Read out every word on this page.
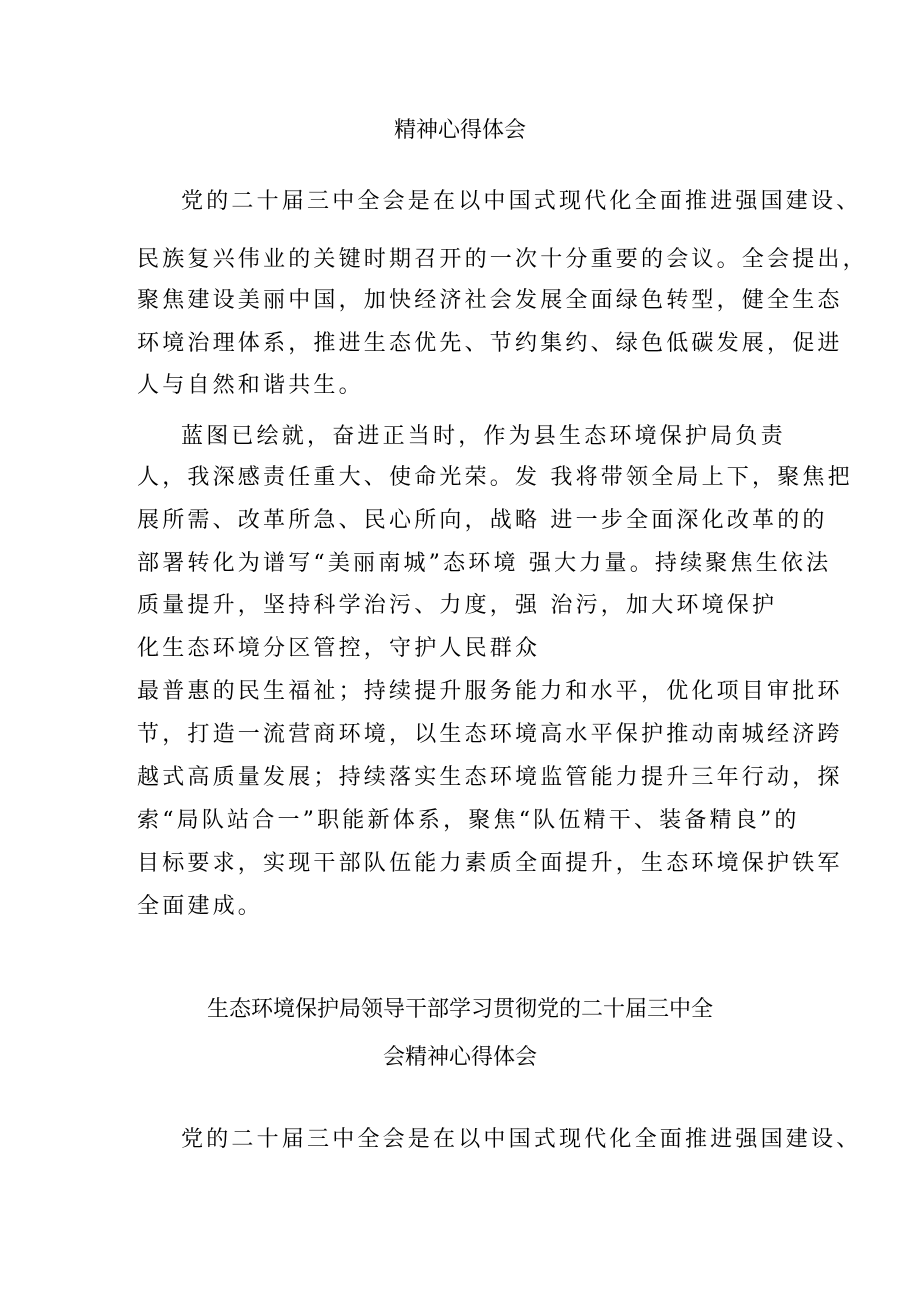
精神心得体会
党的二十届三中全会是在以中国式现代化全面推进强国建设、
民族复兴伟业的关键时期召开的一次十分重要的会议。全会提出，
聚焦建设美丽中国，加快经济社会发展全面绿色转型，健全生态
环境治理体系，推进生态优先、节约集约、绿色低碳发展，促进
人与自然和谐共生。
蓝图已绘就，奋进正当时，作为县生态环境保护局负责
人，我深感责任重大、使命光荣。发 我将带领全局上下，聚焦把
展所需、改革所急、民心所向，战略 进一步全面深化改革的的
部署转化为谱写“美丽南城”态环境 强大力量。持续聚焦生依法
质量提升，坚持科学治污、力度，强 治污，加大环境保护
化生态环境分区管控，守护人民群众
最普惠的民生福祉；持续提升服务能力和水平，优化项目审批环
节，打造一流营商环境，以生态环境高水平保护推动南城经济跨
越式高质量发展；持续落实生态环境监管能力提升三年行动，探
索“局队站合一”职能新体系，聚焦“队伍精干、装备精良”的
目标要求，实现干部队伍能力素质全面提升，生态环境保护铁军
全面建成。
生态环境保护局领导干部学习贯彻党的二十届三中全
会精神心得体会
党的二十届三中全会是在以中国式现代化全面推进强国建设、
